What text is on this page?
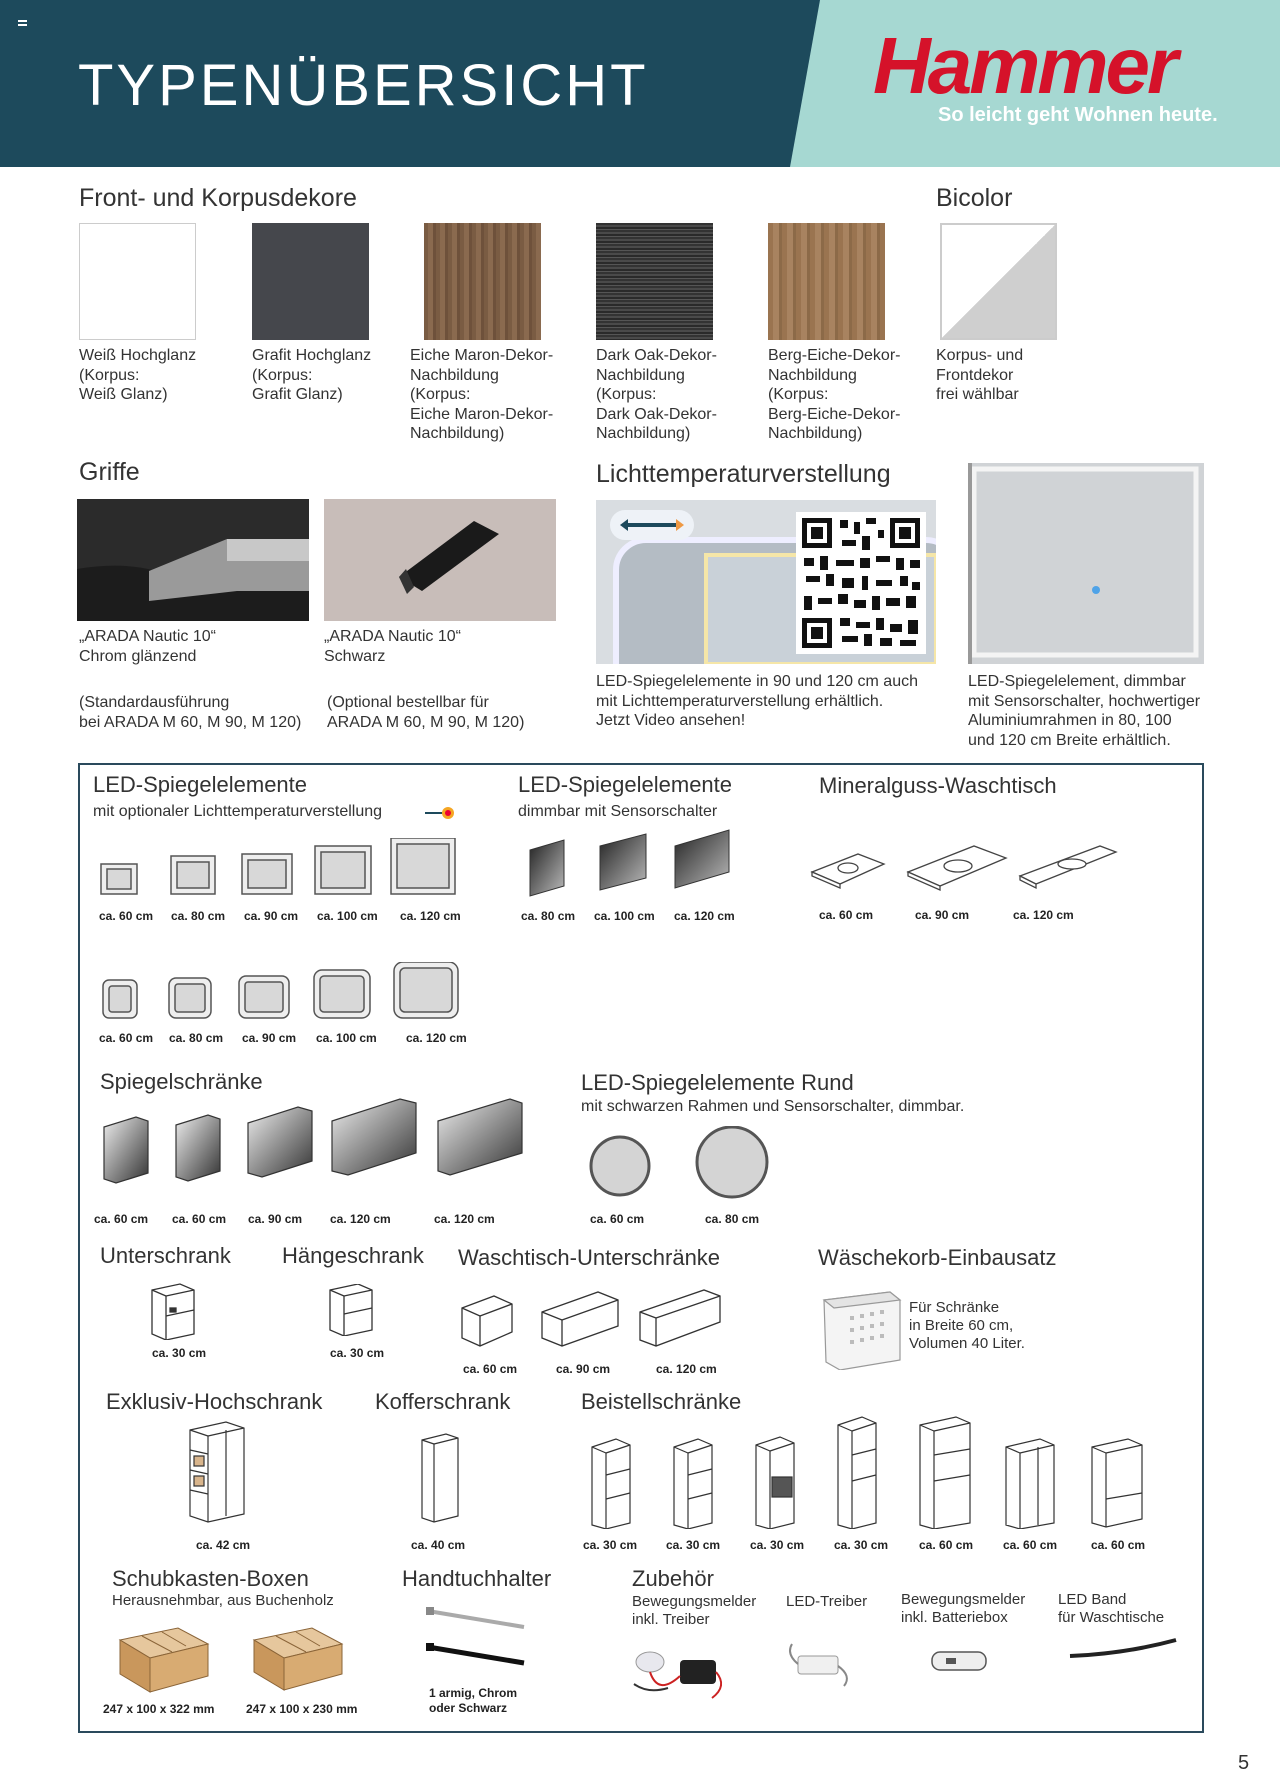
TYPENÜBERSICHT	Hammer
So leicht geht Wohnen heute.
Front- und Korpusdekore
Weiß Hochglanz
(Korpus:
Weiß Glanz)
Grafit Hochglanz
(Korpus:
Grafit Glanz)
Eiche Maron-Dekor-
Nachbildung
(Korpus:
Eiche Maron-Dekor-
Nachbildung)
Dark Oak-Dekor-
Nachbildung
(Korpus:
Dark Oak-Dekor-
Nachbildung)
Berg-Eiche-Dekor-
Nachbildung
(Korpus:
Berg-Eiche-Dekor-
Nachbildung)
Bicolor
Korpus- und
Frontdekor
frei wählbar
Griffe
„ARADA Nautic 10“
Chrom glänzend
„ARADA Nautic 10“
Schwarz
(Standardausführung
bei ARADA M 60, M 90, M 120)
(Optional bestellbar für
ARADA M 60, M 90, M 120)
Lichttemperaturverstellung
LED-Spiegelelemente in 90 und 120 cm auch
mit Lichttemperaturverstellung erhältlich.
Jetzt Video ansehen!
LED-Spiegelelement, dimmbar
mit Sensorschalter, hochwertiger
Aluminiumrahmen in 80, 100
und 120 cm Breite erhältlich.
LED-Spiegelelemente
mit optionaler Lichttemperaturverstellung
ca. 60 cm ca. 80 cm ca. 90 cm ca. 100 cm ca. 120 cm
ca. 60 cm ca. 80 cm ca. 90 cm ca. 100 cm ca. 120 cm
LED-Spiegelelemente
dimmbar mit Sensorschalter
ca. 80 cm ca. 100 cm ca. 120 cm
Mineralguss-Waschtisch
ca. 60 cm	ca. 90 cm	ca. 120 cm
Spiegelschränke
ca. 60 cm ca. 60 cm ca. 90 cm ca. 120 cm	ca. 120 cm
LED-Spiegelelemente Rund
mit schwarzen Rahmen und Sensorschalter, dimmbar.
ca. 60 cm	ca. 80 cm
Unterschrank Hängeschrank Waschtisch-Unterschränke	Wäschekorb-Einbausatz
ca. 30 cm	ca. 30 cm
ca. 60 cm	ca. 90 cm	ca. 120 cm
Für Schränke
in Breite 60 cm,
Volumen 40 Liter.
Exklusiv-Hochschrank Kofferschrank	Beistellschränke
ca. 42 cm	ca. 40 cm	ca. 30 cm ca. 30 cm ca. 30 cm ca. 30 cm	ca. 60 cm ca. 60 cm	ca. 60 cm
Schubkasten-Boxen
Herausnehmbar, aus Buchenholz
247 x 100 x 322 mm	247 x 100 x 230 mm
Handtuchhalter
1 armig, Chrom
oder Schwarz
Zubehör
Bewegungsmelder
inkl. Treiber
LED-Treiber Bewegungsmelder
inkl. Batteriebox
LED Band
für Waschtische
5
